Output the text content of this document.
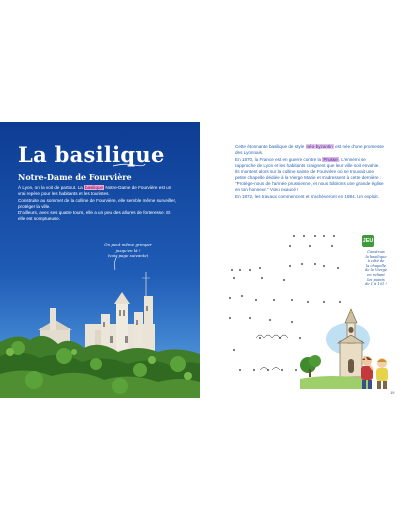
La basilique
Notre-Dame de Fourvière

À Lyon, on la voit de partout. La basilique Notre-Dame de Fourvière est un vrai repère pour les habitants et les touristes.

Construite au sommet de la colline de Fourvière, elle semble même surveiller, protéger la ville.

D'ailleurs, avec ses quatre tours, elle a un peu des allures de forteresse. Et elle est somptueuse.

On peut même grimper
jusqu'en là !
(voir page suivante)

Cette étonnante basilique de style néo-byzantin est née d'une promesse des Lyonnais.

En 1870, la France est en guerre contre la Prusse. L'ennemi se rapproche de Lyon et les habitants craignent que leur ville soit envahie.

Ils montent alors sur la colline sainte de Fourvière où se trouvait une petite chapelle dédiée à la Vierge Marie et s'adressent à cette dernière : "Protège-nous de l'armée prussienne, et nous bâtirons une grande église en ton honneur." Vœu exaucé !

En 1872, les travaux commencent et s'achèveront en 1884. Un exploit.

JEU
Construis
la basilique
à côté de
la chapelle
de la Vierge
en reliant
les points
de 1 à 101 !
19
